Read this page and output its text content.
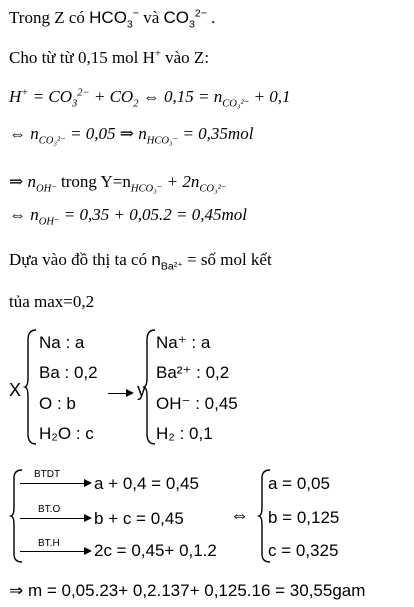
Trong Z có $HCO_3^-$ và $CO_3^{2-}$ .
Cho từ từ 0,15 mol H+ vào Z:
$H^+ = CO_3^{2-} + CO_2$ ⇔ $0,15 = n_{CO_3^{2-}} + 0,1$
⇔ $n_{CO_3^{2-}} = 0,05$ ⇒ $n_{HCO_3^-} = 0,35mol$
⇒ $n_{OH^-}$ trong $Y=n_{HCO_3^-} + 2n_{CO_3^{2-}}$
⇔ $n_{OH^-} = 0,35 + 0,05.2 = 0,45mol$
Dựa vào đồ thị ta có $n_{Ba^{2+}}$ = số mol kết
tủa max=0,2
X
Na : a
Ba : 0,2
O : b
H₂O : c
y
Na⁺ : a
Ba²⁺ : 0,2
OH⁻ : 0,45
H₂ : 0,1
BTDT a + 0,4 = 0,45
BT.O b + c = 0,45
BT.H 2c = 0,45+ 0,1.2
⇔
a = 0,05
b = 0,125
c = 0,325
⇒ m = 0,05.23+ 0,2.137+ 0,125.16 = 30,55gam
